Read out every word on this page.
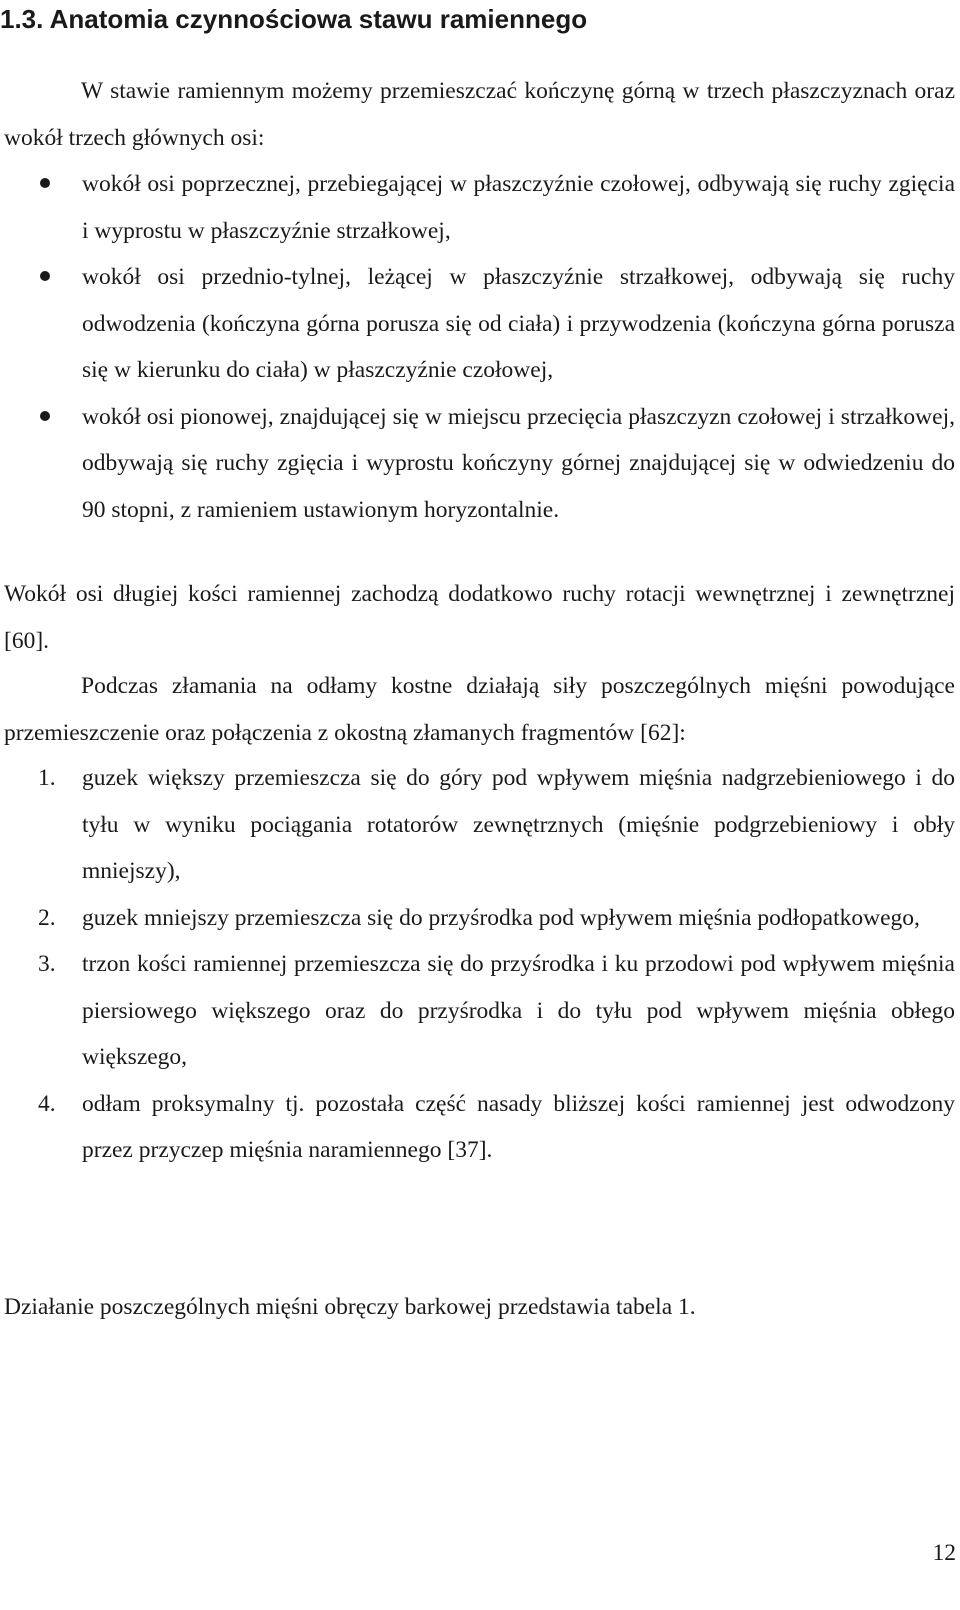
1.3. Anatomia czynnościowa stawu ramiennego

W stawie ramiennym możemy przemieszczać kończynę górną w trzech płaszczyznach oraz wokół trzech głównych osi:

wokół osi poprzecznej, przebiegającej w płaszczyźnie czołowej, odbywają się ruchy zgięcia i wyprostu w płaszczyźnie strzałkowej,
wokół osi przednio-tylnej, leżącej w płaszczyźnie strzałkowej, odbywają się ruchy odwodzenia (kończyna górna porusza się od ciała) i przywodzenia (kończyna górna porusza się w kierunku do ciała) w płaszczyźnie czołowej,
wokół osi pionowej, znajdującej się w miejscu przecięcia płaszczyzn czołowej i strzałkowej, odbywają się ruchy zgięcia i wyprostu kończyny górnej znajdującej się w odwiedzeniu do 90 stopni, z ramieniem ustawionym horyzontalnie.

Wokół osi długiej kości ramiennej zachodzą dodatkowo ruchy rotacji wewnętrznej i zewnętrznej [60].

Podczas złamania na odłamy kostne działają siły poszczególnych mięśni powodujące przemieszczenie oraz połączenia z okostną złamanych fragmentów [62]:

1. guzek większy przemieszcza się do góry pod wpływem mięśnia nadgrzebieniowego i do tyłu w wyniku pociągania rotatorów zewnętrznych (mięśnie podgrzebieniowy i obły mniejszy),
2. guzek mniejszy przemieszcza się do przyśrodka pod wpływem mięśnia podłopatkowego,
3. trzon kości ramiennej przemieszcza się do przyśrodka i ku przodowi pod wpływem mięśnia piersiowego większego oraz do przyśrodka i do tyłu pod wpływem mięśnia obłego większego,
4. odłam proksymalny tj. pozostała część nasady bliższej kości ramiennej jest odwodzony przez przyczep mięśnia naramiennego [37].

Działanie poszczególnych mięśni obręczy barkowej przedstawia tabela 1.

12
